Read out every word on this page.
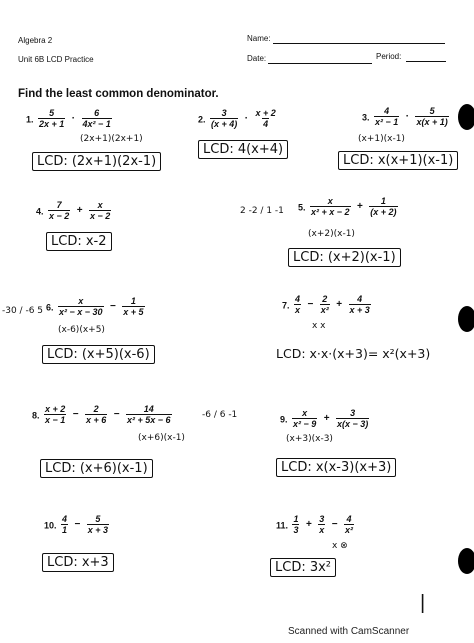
Algebra 2
Unit 6B LCD Practice
Name:
Date:	Period:
Find the least common denominator.
1. $\frac{5}{2x + 1} \cdot \frac{6}{\text{4x² − 1}}$
(2x+1)(2x+1)
LCD: (2x+1)(2x-1)
2. $\frac{3}{(x + 4)} \cdot \frac{x + 2}{4}$
LCD: 4(x+4)
3. $\frac{4}{\text{x² − 1}} \cdot \frac{5}{x(x + 1)}$
(x+1)(x-1)
LCD: x(x+1)(x-1)
4. $\frac{7}{x - 2} + \frac{x}{x - 2}$
LCD: x-2
2 -2 / 1 -1 5. $\frac{x}{\text{x² + x − 2}} + \frac{1}{(x + 2)}$
(x+2)(x-1)
LCD: (x+2)(x-1)
-30 / -6 5 6. $\frac{x}{\text{x² − x − 30}} - \frac{1}{x + 5}$
(x-6)(x+5)
LCD: (x+5)(x-6)
7. $\frac{4}{x} - \frac{2}{\text{x²}} + \frac{4}{x + 3}$
x x
LCD: x·x·(x+3)= x²(x+3)
-6 / 6 -1
8. $\frac{x + 2}{x - 1} - \frac{2}{x + 6} - \frac{14}{\text{x² + 5x − 6}}$
(x+6)(x-1)
LCD: (x+6)(x-1)
9. $\frac{x}{\text{x² − 9}} + \frac{3}{x(x - 3)}$
(x+3)(x-3)
LCD: x(x-3)(x+3)
10. $\frac{4}{1} - \frac{5}{x + 3}$
LCD: x+3
11. $\frac{1}{3} + \frac{3}{x} - \frac{4}{\text{x²}}$
x ⊗
LCD: 3x²
|
Scanned with CamScanner
